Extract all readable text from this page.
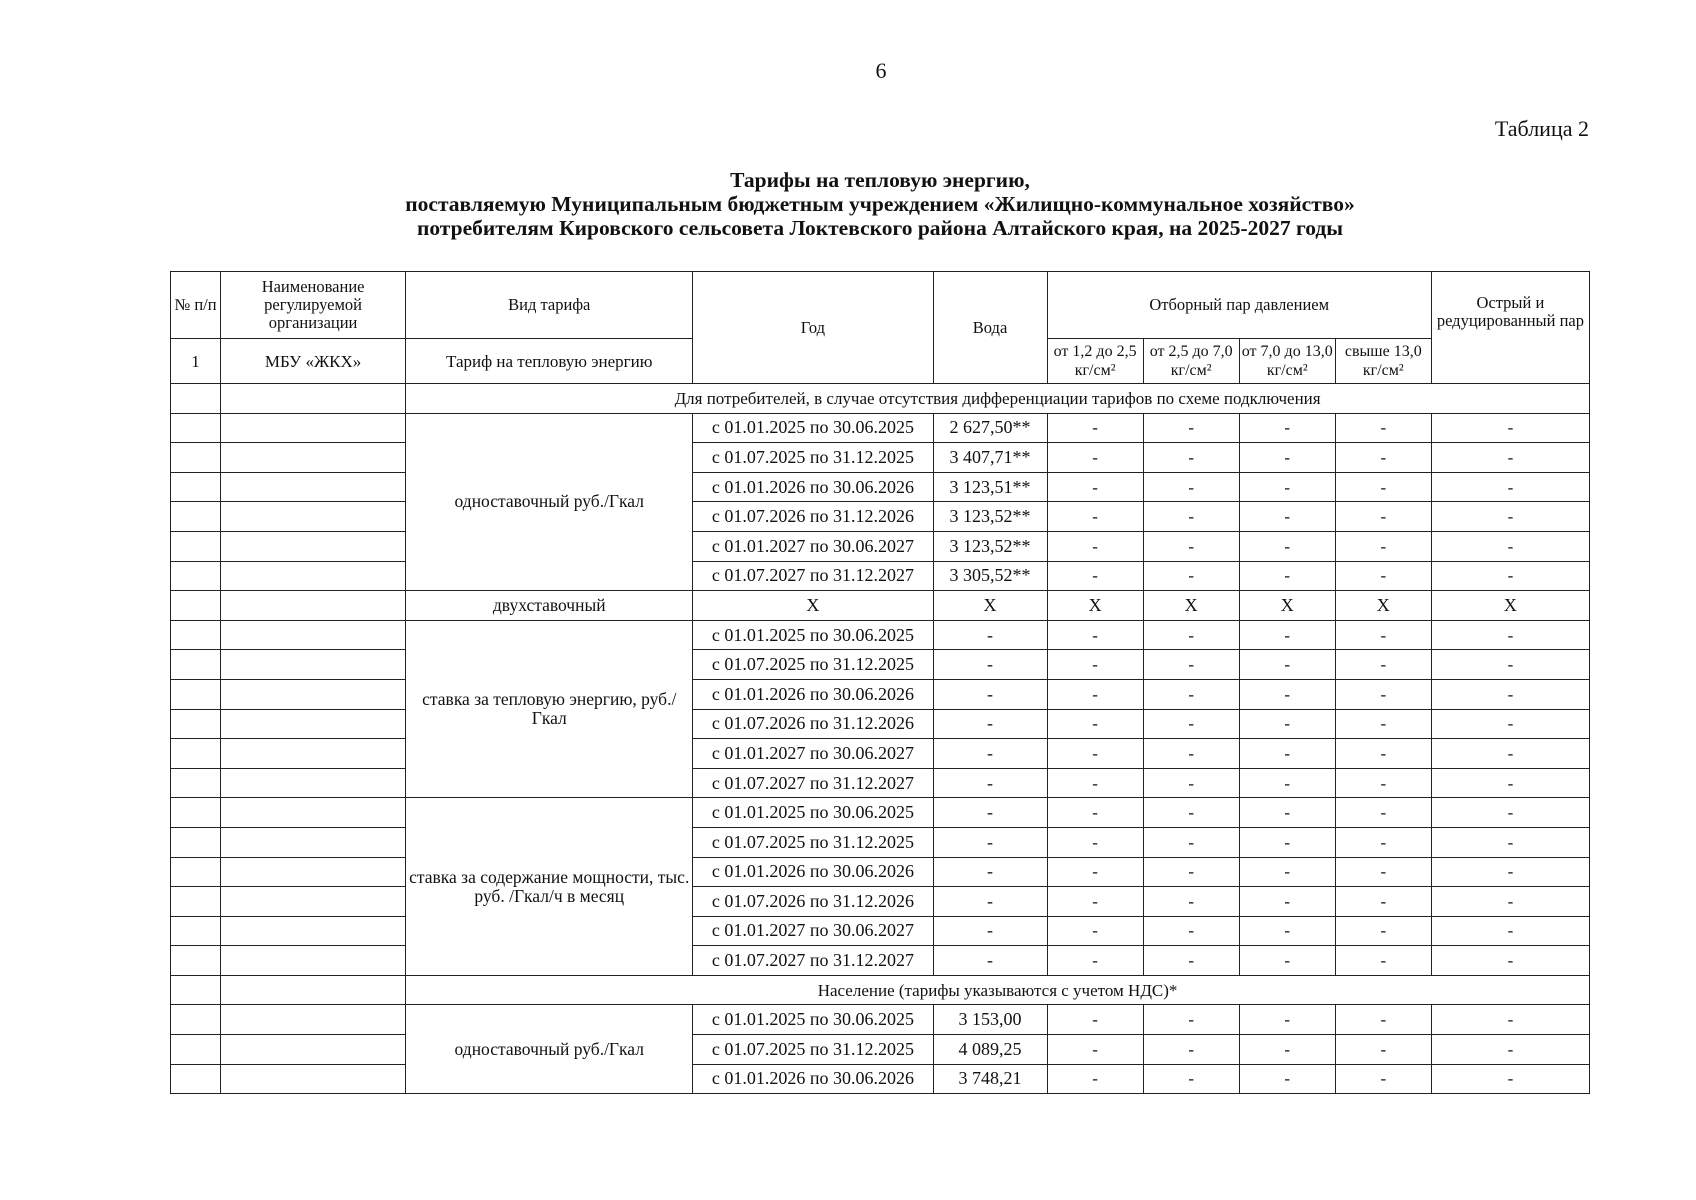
6
Таблица 2
Тарифы на тепловую энергию,
поставляемую Муниципальным бюджетным учреждением «Жилищно-коммунальное хозяйство»
потребителям Кировского сельсовета Локтевского района Алтайского края, на 2025-2027 годы
№ п/п	Наименование регулируемой организации	Вид тарифа	Год	Вода	Отборный пар давлением				Острый и редуцированный пар
1	МБУ «ЖКХ»	Тариф на тепловую энергию			от 1,2 до 2,5 кг/см²	от 2,5 до 7,0 кг/см²	от 7,0 до 13,0 кг/см²	свыше 13,0 кг/см²	
		Для потребителей, в случае отсутствия дифференциации тарифов по схеме подключения							
		одноставочный руб./Гкал	с 01.01.2025 по 30.06.2025	2 627,50**	-	-	-	-	-
			с 01.07.2025 по 31.12.2025	3 407,71**	-	-	-	-	-
			с 01.01.2026 по 30.06.2026	3 123,51**	-	-	-	-	-
			с 01.07.2026 по 31.12.2026	3 123,52**	-	-	-	-	-
			с 01.01.2027 по 30.06.2027	3 123,52**	-	-	-	-	-
			с 01.07.2027 по 31.12.2027	3 305,52**	-	-	-	-	-
		двухставочный	X	X	X	X	X	X	X
		ставка за тепловую энергию, руб./Гкал	с 01.01.2025 по 30.06.2025	-	-	-	-	-	-
			с 01.07.2025 по 31.12.2025	-	-	-	-	-	-
			с 01.01.2026 по 30.06.2026	-	-	-	-	-	-
			с 01.07.2026 по 31.12.2026	-	-	-	-	-	-
			с 01.01.2027 по 30.06.2027	-	-	-	-	-	-
			с 01.07.2027 по 31.12.2027	-	-	-	-	-	-
		ставка за содержание мощности, тыс. руб. /Гкал/ч в месяц	с 01.01.2025 по 30.06.2025	-	-	-	-	-	-
			с 01.07.2025 по 31.12.2025	-	-	-	-	-	-
			с 01.01.2026 по 30.06.2026	-	-	-	-	-	-
			с 01.07.2026 по 31.12.2026	-	-	-	-	-	-
			с 01.01.2027 по 30.06.2027	-	-	-	-	-	-
			с 01.07.2027 по 31.12.2027	-	-	-	-	-	-
		Население (тарифы указываются с учетом НДС)*							
		одноставочный руб./Гкал	с 01.01.2025 по 30.06.2025	3 153,00	-	-	-	-	-
			с 01.07.2025 по 31.12.2025	4 089,25	-	-	-	-	-
			с 01.01.2026 по 30.06.2026	3 748,21	-	-	-	-	-
